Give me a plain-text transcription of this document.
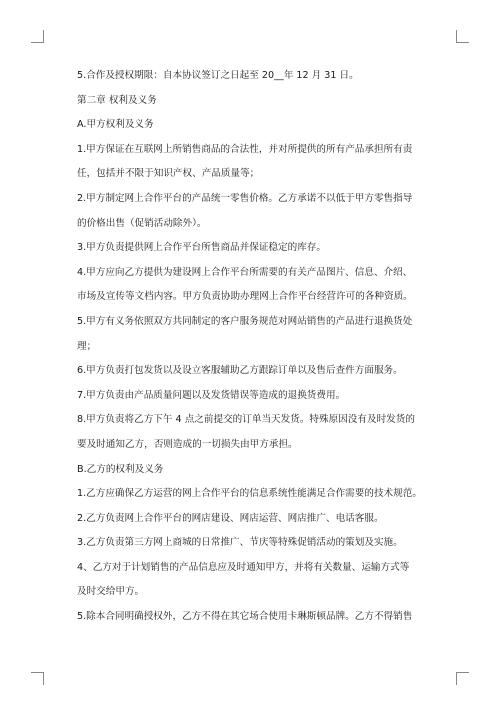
5.合作及授权期限：自本协议签订之日起至 20__年 12 月 31 日。

第二章 权利及义务

A.甲方权利及义务

1.甲方保证在互联网上所销售商品的合法性，并对所提供的所有产品承担所有责

任，包括并不限于知识产权、产品质量等；

2.甲方制定网上合作平台的产品统一零售价格。乙方承诺不以低于甲方零售指导

的价格出售（促销活动除外）。

3.甲方负责提供网上合作平台所售商品并保证稳定的库存。

4.甲方应向乙方提供为建设网上合作平台所需要的有关产品图片、信息、介绍、

市场及宣传等文档内容。甲方负责协助办理网上合作平台经营许可的各种资质。

5.甲方有义务依照双方共同制定的客户服务规范对网站销售的产品进行退换货处

理；

6.甲方负责打包发货以及设立客服辅助乙方跟踪订单以及售后查件方面服务。

7.甲方负责由产品质量问题以及发货错误等造成的退换货费用。

8.甲方负责将乙方下午 4 点之前提交的订单当天发货。特殊原因没有及时发货的

要及时通知乙方，否则造成的一切损失由甲方承担。

B.乙方的权利及义务

1.乙方应确保乙方运营的网上合作平台的信息系统性能满足合作需要的技术规范。

2.乙方负责网上合作平台的网店建设、网店运营、网店推广、电话客服。

3.乙方负责第三方网上商城的日常推广、节庆等特殊促销活动的策划及实施。

4、乙方对于计划销售的产品信息应及时通知甲方，并将有关数量、运输方式等

及时交给甲方。

5.除本合同明确授权外，乙方不得在其它场合使用卡琳斯顿品牌。乙方不得销售
